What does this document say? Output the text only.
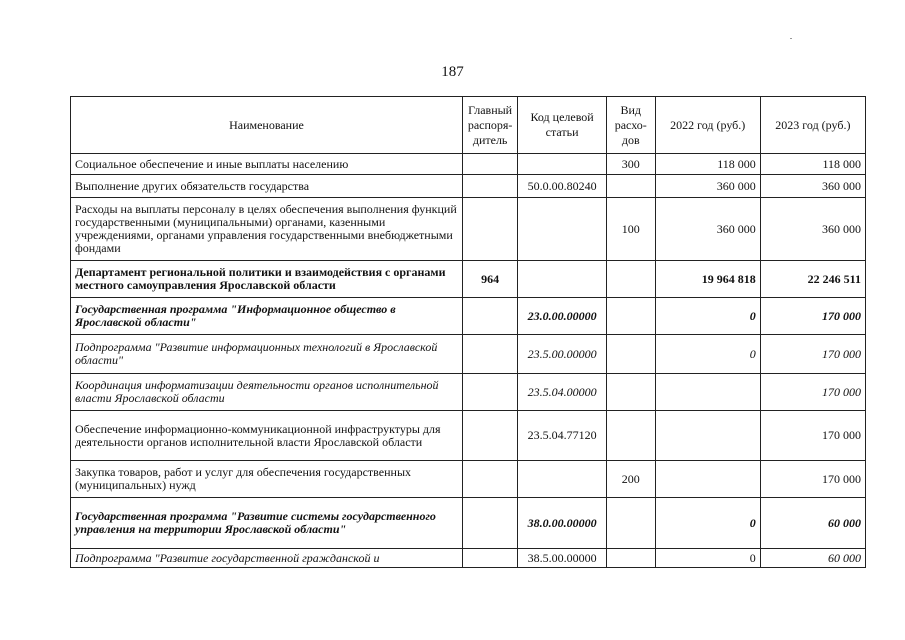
187
Наименование	Главный распоря-дитель	Код целевой статьи	Вид расхо-дов	2022 год (руб.)	2023 год (руб.)
Социальное обеспечение и иные выплаты населению			300	118 000	118 000
Выполнение других обязательств государства		50.0.00.80240		360 000	360 000
Расходы на выплаты персоналу в целях обеспечения выполнения функций государственными (муниципальными) органами, казенными учреждениями, органами управления государственными внебюджетными фондами			100	360 000	360 000
Департамент региональной политики и взаимодействия с органами местного самоуправления Ярославской области	964			19 964 818	22 246 511
Государственная программа "Информационное общество в Ярославской области"		23.0.00.00000		0	170 000
Подпрограмма "Развитие информационных технологий в Ярославской области"		23.5.00.00000		0	170 000
Координация информатизации деятельности органов исполнительной власти Ярославской области		23.5.04.00000			170 000
Обеспечение информационно-коммуникационной инфраструктуры для деятельности органов исполнительной власти Ярославской области		23.5.04.77120			170 000
Закупка товаров, работ и услуг для обеспечения государственных (муниципальных) нужд			200		170 000
Государственная программа "Развитие системы государственного управления на территории Ярославской области"		38.0.00.00000		0	60 000
Подпрограмма "Развитие государственной гражданской и		38.5.00.00000		0	60 000
